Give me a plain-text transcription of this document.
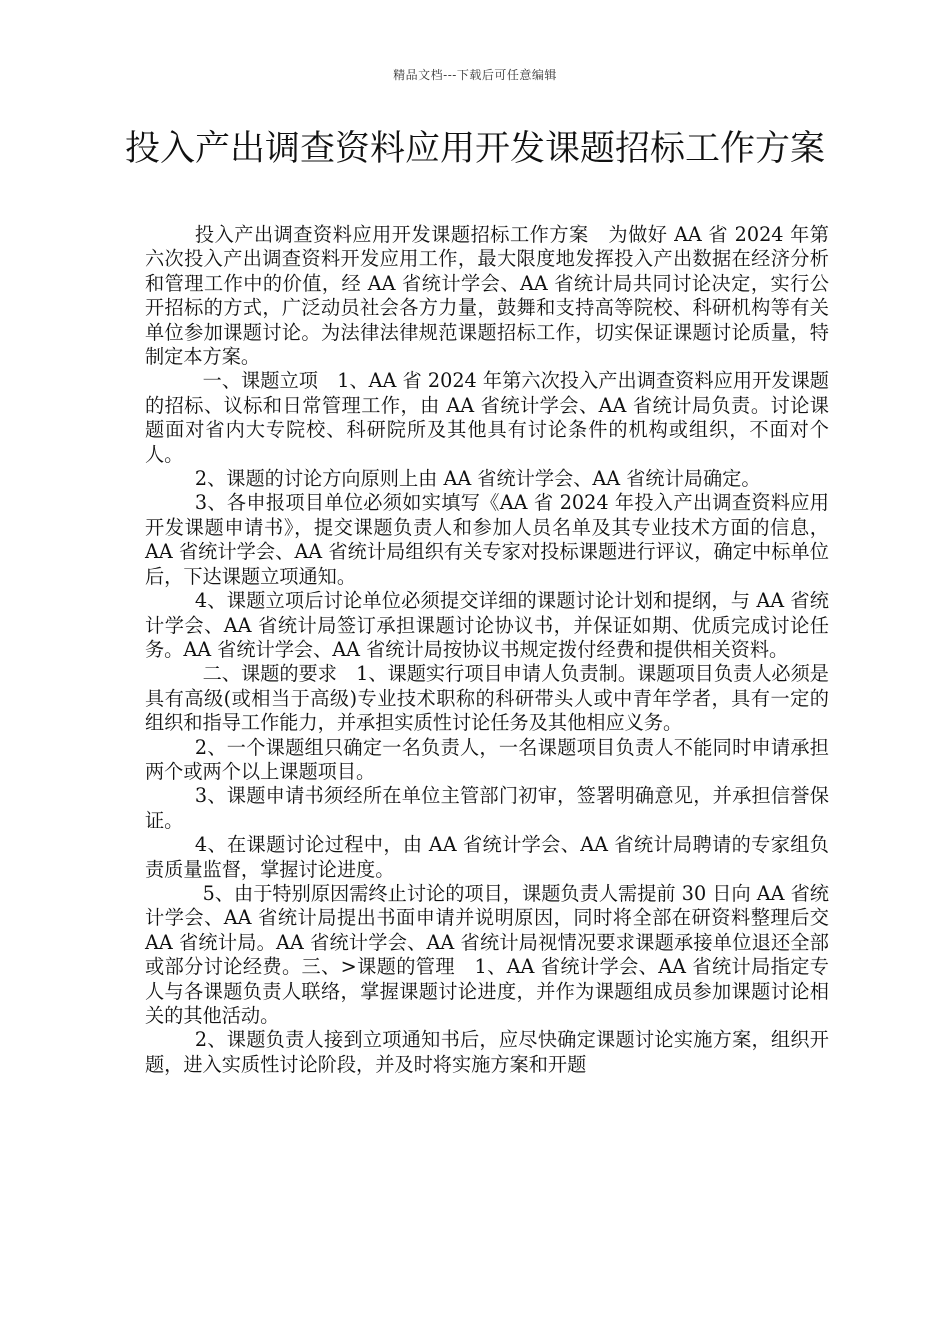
精品文档---下载后可任意编辑
投入产出调查资料应用开发课题招标工作方案

投入产出调查资料应用开发课题招标工作方案　为做好 AA 省 2024 年第六次投入产出调查资料开发应用工作，最大限度地发挥投入产出数据在经济分析和管理工作中的价值，经 AA 省统计学会、AA 省统计局共同讨论决定，实行公开招标的方式，广泛动员社会各方力量，鼓舞和支持高等院校、科研机构等有关单位参加课题讨论。为法律法律规范课题招标工作，切实保证课题讨论质量，特制定本方案。

一、课题立项　1、AA 省 2024 年第六次投入产出调查资料应用开发课题的招标、议标和日常管理工作，由 AA 省统计学会、AA 省统计局负责。讨论课题面对省内大专院校、科研院所及其他具有讨论条件的机构或组织，不面对个人。

2、课题的讨论方向原则上由 AA 省统计学会、AA 省统计局确定。

3、各申报项目单位必须如实填写《AA 省 2024 年投入产出调查资料应用开发课题申请书》，提交课题负责人和参加人员名单及其专业技术方面的信息，AA 省统计学会、AA 省统计局组织有关专家对投标课题进行评议，确定中标单位后，下达课题立项通知。

4、课题立项后讨论单位必须提交详细的课题讨论计划和提纲，与 AA 省统计学会、AA 省统计局签订承担课题讨论协议书，并保证如期、优质完成讨论任务。AA 省统计学会、AA 省统计局按协议书规定拨付经费和提供相关资料。

二、课题的要求　1、课题实行项目申请人负责制。课题项目负责人必须是具有高级(或相当于高级)专业技术职称的科研带头人或中青年学者，具有一定的组织和指导工作能力，并承担实质性讨论任务及其他相应义务。

2、一个课题组只确定一名负责人，一名课题项目负责人不能同时申请承担两个或两个以上课题项目。

3、课题申请书须经所在单位主管部门初审，签署明确意见，并承担信誉保证。

4、在课题讨论过程中，由 AA 省统计学会、AA 省统计局聘请的专家组负责质量监督，掌握讨论进度。

5、由于特别原因需终止讨论的项目，课题负责人需提前 30 日向 AA 省统计学会、AA 省统计局提出书面申请并说明原因，同时将全部在研资料整理后交 AA 省统计局。AA 省统计学会、AA 省统计局视情况要求课题承接单位退还全部或部分讨论经费。三、>课题的管理　1、AA 省统计学会、AA 省统计局指定专人与各课题负责人联络，掌握课题讨论进度，并作为课题组成员参加课题讨论相关的其他活动。

2、课题负责人接到立项通知书后，应尽快确定课题讨论实施方案，组织开题，进入实质性讨论阶段，并及时将实施方案和开题
